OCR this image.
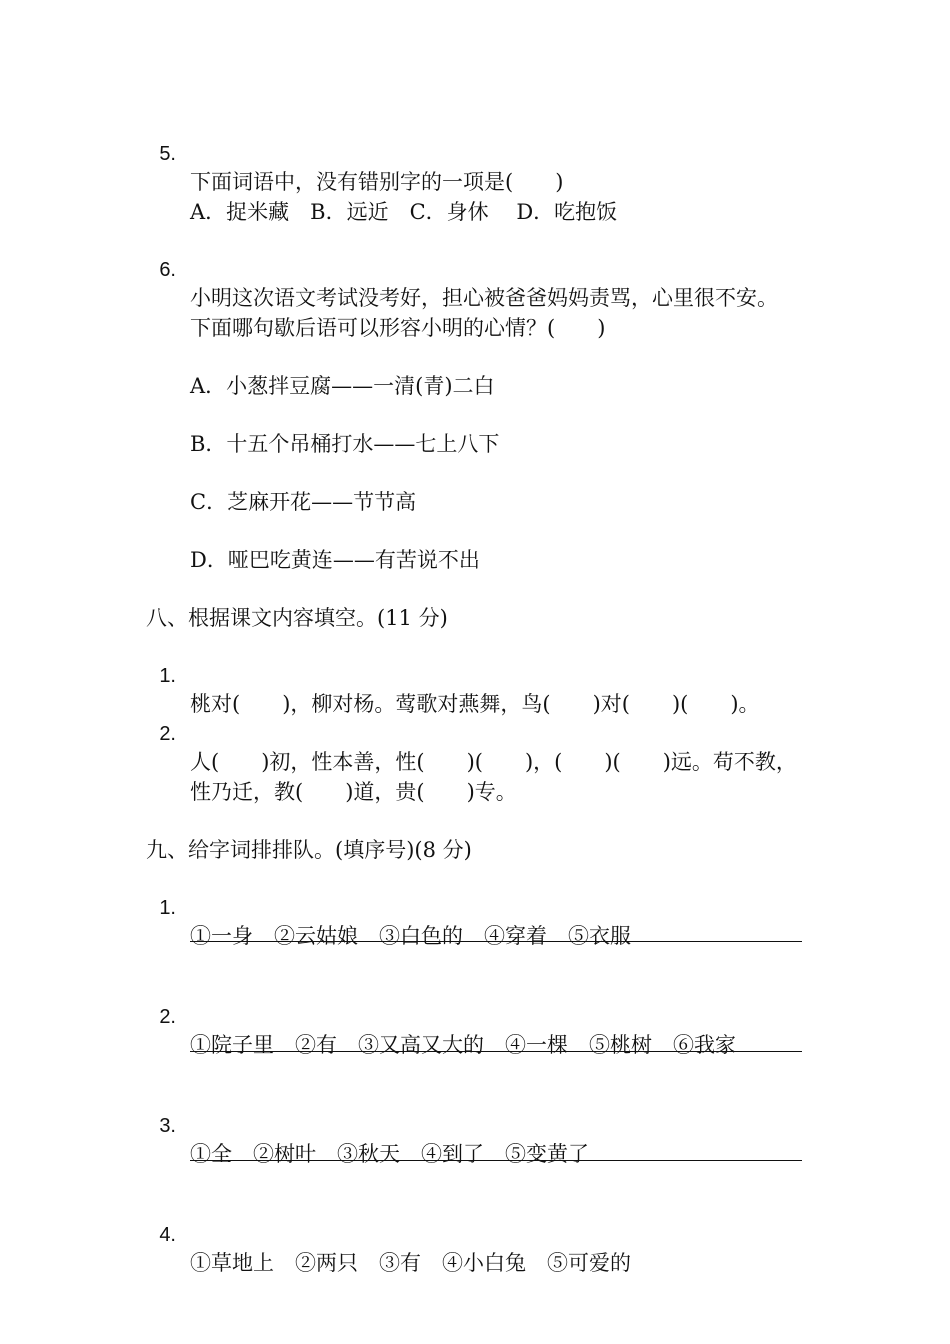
5.

下面词语中，没有错别字的一项是(　　)

A．捉米藏　B．远近　C．身休　 D．吃抱饭

6.

小明这次语文考试没考好，担心被爸爸妈妈责骂，心里很不安。

下面哪句歇后语可以形容小明的心情？(　　)

A．小葱拌豆腐——一清(青)二白

B．十五个吊桶打水——七上八下

C．芝麻开花——节节高

D．哑巴吃黄连——有苦说不出

八、根据课文内容填空。(11 分)

1.

桃对(　　)，柳对杨。莺歌对燕舞，鸟(　　)对(　　)(　　)。

2.

人(　　)初，性本善，性(　　)(　　)，(　　)(　　)远。苟不教，

性乃迁，教(　　)道，贵(　　)专。

九、给字词排排队。(填序号)(8 分)

1.

①一身　②云姑娘　③白色的　④穿着　⑤衣服

2.

①院子里　②有　③又高又大的　④一棵　⑤桃树　⑥我家

3.

①全　②树叶　③秋天　④到了　⑤变黄了

4.

①草地上　②两只　③有　④小白兔　⑤可爱的
